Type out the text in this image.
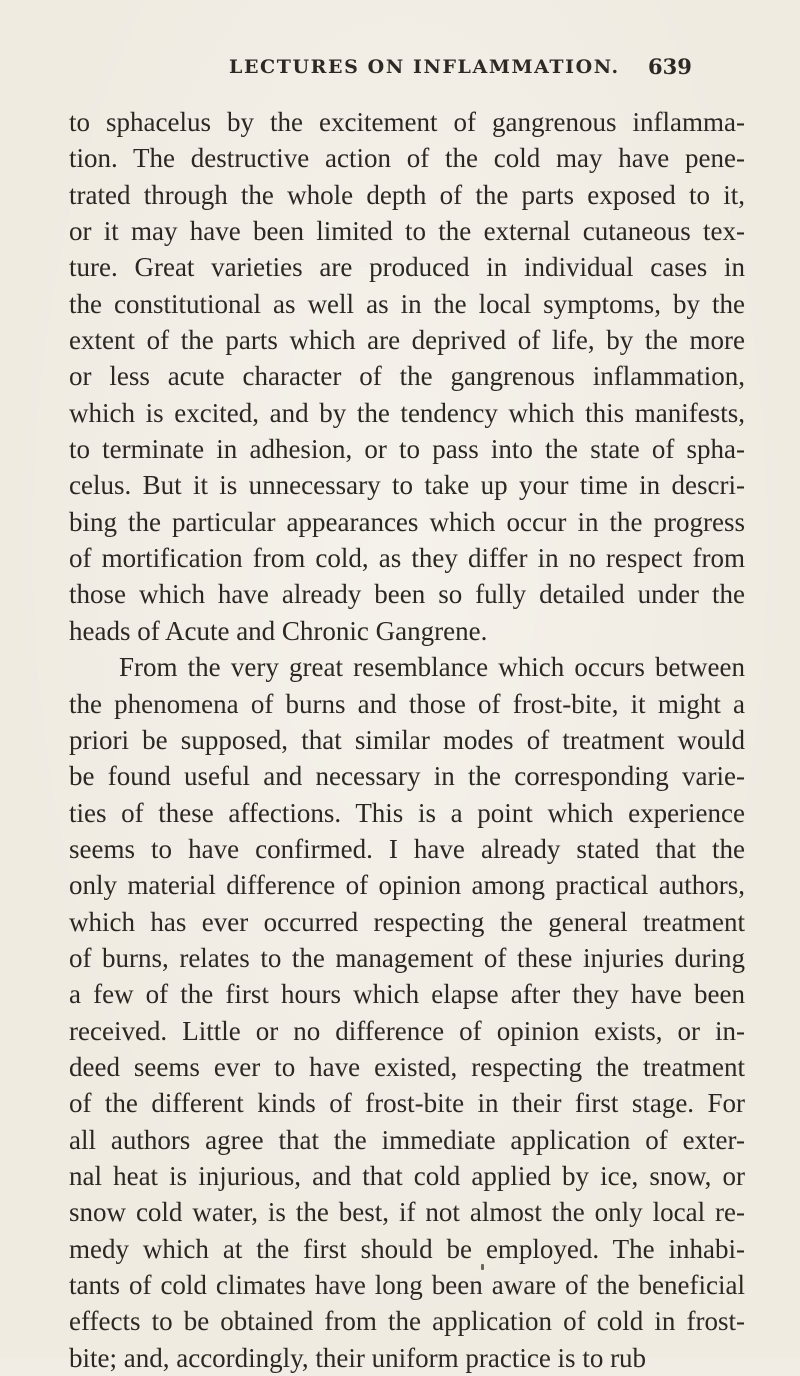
LECTURES ON INFLAMMATION. 639
to sphacelus by the excitement of gangrenous inflamma-
tion. The destructive action of the cold may have pene-
trated through the whole depth of the parts exposed to it,
or it may have been limited to the external cutaneous tex-
ture. Great varieties are produced in individual cases in
the constitutional as well as in the local symptoms, by the
extent of the parts which are deprived of life, by the more
or less acute character of the gangrenous inflammation,
which is excited, and by the tendency which this manifests,
to terminate in adhesion, or to pass into the state of spha-
celus. But it is unnecessary to take up your time in descri-
bing the particular appearances which occur in the progress
of mortification from cold, as they differ in no respect from
those which have already been so fully detailed under the
heads of Acute and Chronic Gangrene.
From the very great resemblance which occurs between
the phenomena of burns and those of frost-bite, it might a
priori be supposed, that similar modes of treatment would
be found useful and necessary in the corresponding varie-
ties of these affections. This is a point which experience
seems to have confirmed. I have already stated that the
only material difference of opinion among practical authors,
which has ever occurred respecting the general treatment
of burns, relates to the management of these injuries during
a few of the first hours which elapse after they have been
received. Little or no difference of opinion exists, or in-
deed seems ever to have existed, respecting the treatment
of the different kinds of frost-bite in their first stage. For
all authors agree that the immediate application of exter-
nal heat is injurious, and that cold applied by ice, snow, or
snow cold water, is the best, if not almost the only local re-
medy which at the first should be employed. The inhabi-
tants of cold climates have long been aware of the beneficial
effects to be obtained from the application of cold in frost-
bite; and, accordingly, their uniform practice is to rub
